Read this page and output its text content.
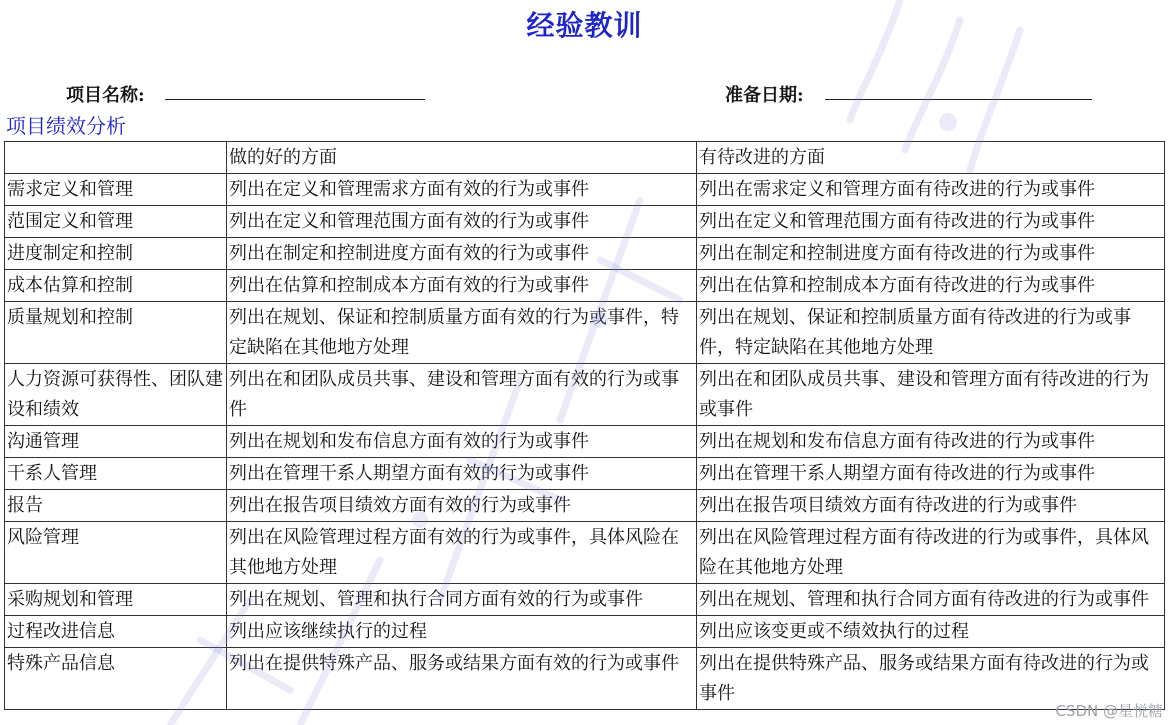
经验教训
项目名称:	准备日期:
项目绩效分析
	做的好的方面	有待改进的方面
需求定义和管理	列出在定义和管理需求方面有效的行为或事件	列出在需求定义和管理方面有待改进的行为或事件
范围定义和管理	列出在定义和管理范围方面有效的行为或事件	列出在定义和管理范围方面有待改进的行为或事件
进度制定和控制	列出在制定和控制进度方面有效的行为或事件	列出在制定和控制进度方面有待改进的行为或事件
成本估算和控制	列出在估算和控制成本方面有效的行为或事件	列出在估算和控制成本方面有待改进的行为或事件
质量规划和控制	列出在规划、保证和控制质量方面有效的行为或事件，特定缺陷在其他地方处理	列出在规划、保证和控制质量方面有待改进的行为或事件，特定缺陷在其他地方处理
人力资源可获得性、团队建设和绩效	列出在和团队成员共事、建设和管理方面有效的行为或事件	列出在和团队成员共事、建设和管理方面有待改进的行为或事件
沟通管理	列出在规划和发布信息方面有效的行为或事件	列出在规划和发布信息方面有待改进的行为或事件
干系人管理	列出在管理干系人期望方面有效的行为或事件	列出在管理干系人期望方面有待改进的行为或事件
报告	列出在报告项目绩效方面有效的行为或事件	列出在报告项目绩效方面有待改进的行为或事件
风险管理	列出在风险管理过程方面有效的行为或事件，具体风险在其他地方处理	列出在风险管理过程方面有待改进的行为或事件，具体风险在其他地方处理
采购规划和管理	列出在规划、管理和执行合同方面有效的行为或事件	列出在规划、管理和执行合同方面有待改进的行为或事件
过程改进信息	列出应该继续执行的过程	列出应该变更或不绩效执行的过程
特殊产品信息	列出在提供特殊产品、服务或结果方面有效的行为或事件	列出在提供特殊产品、服务或结果方面有待改进的行为或事件
CSDN @星悦糖
